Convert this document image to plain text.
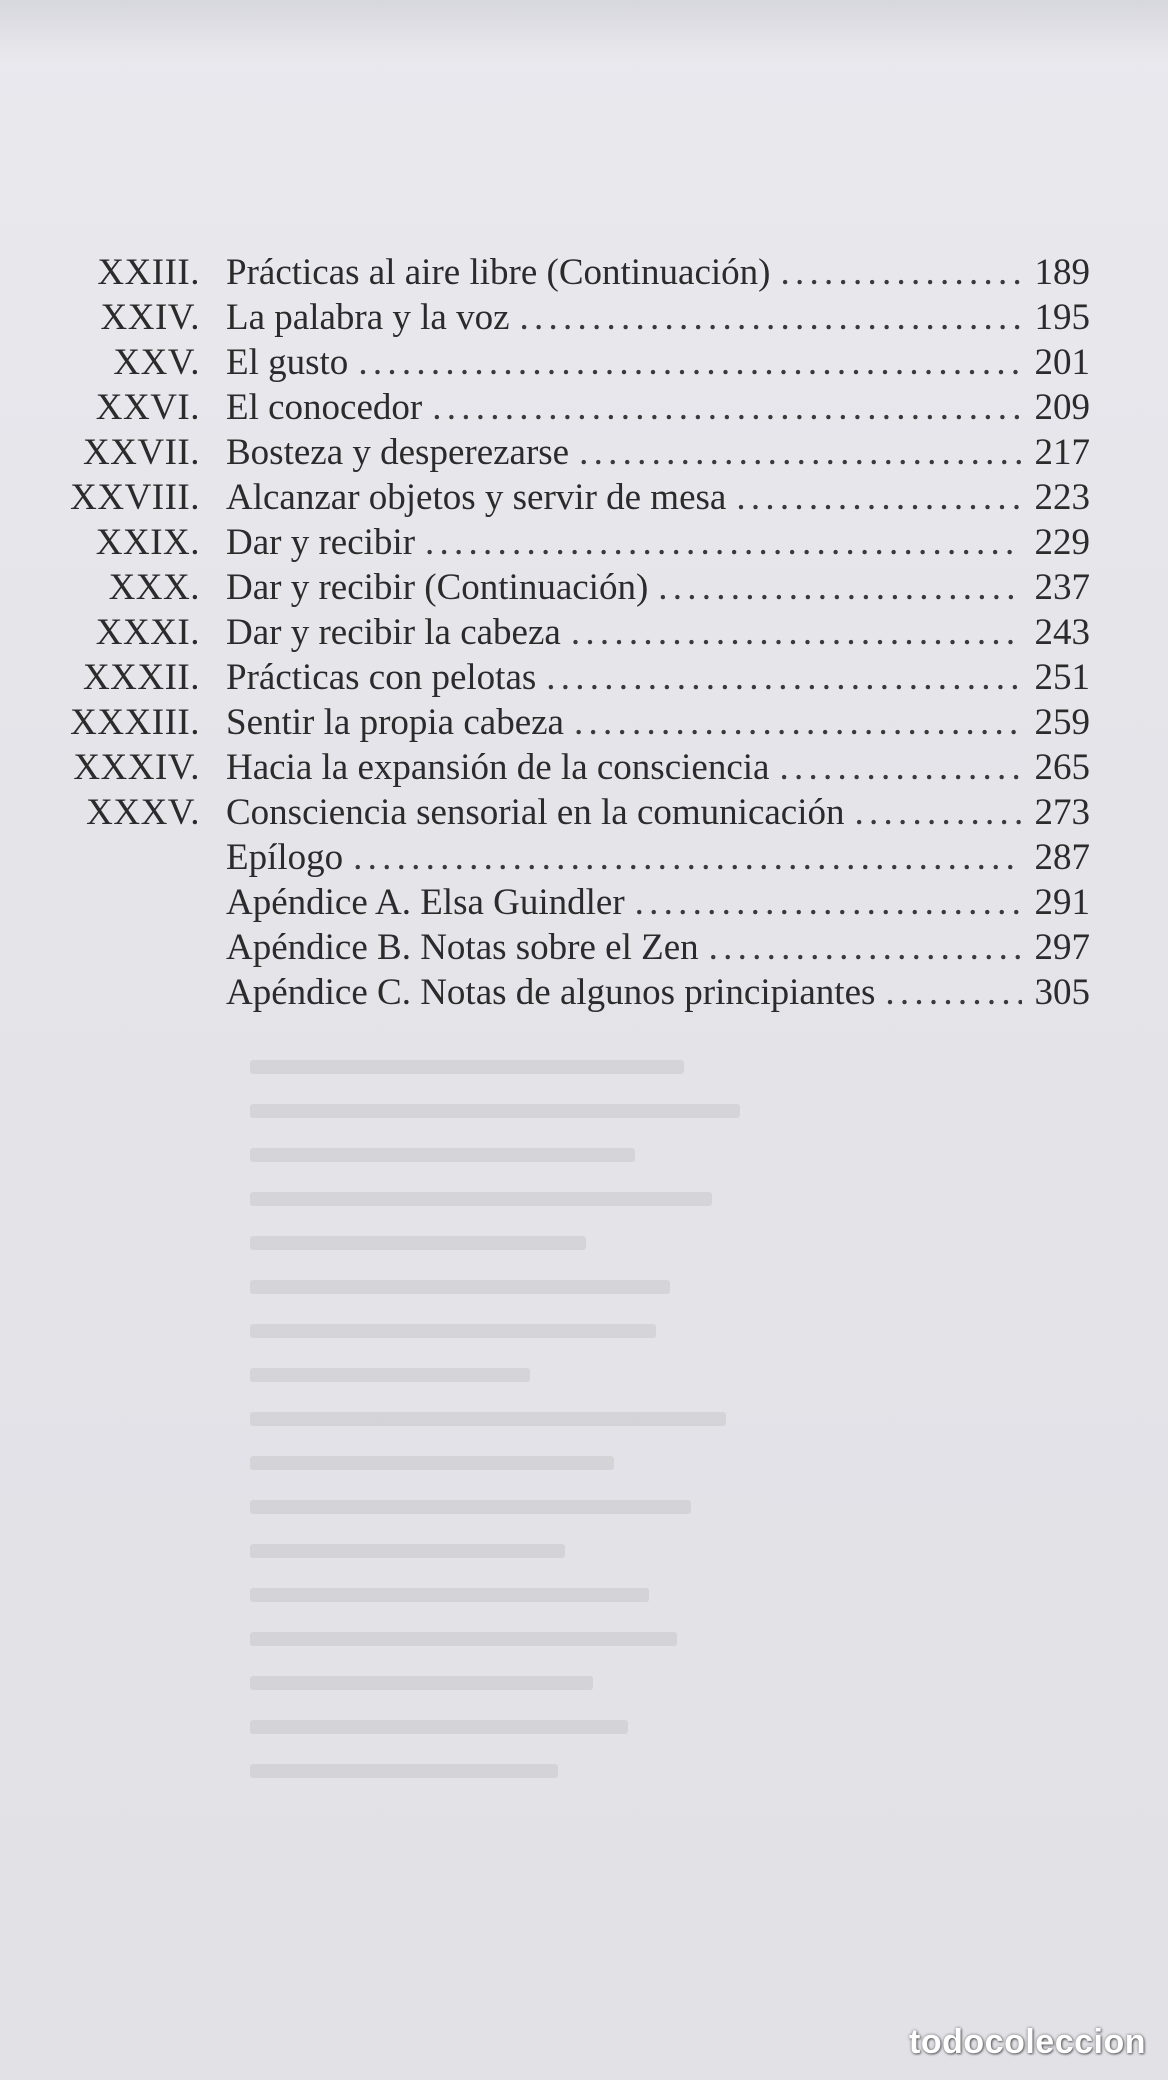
XXIII. Prácticas al aire libre (Continuación) . . .	189
XXIV. La palabra y la voz . . .	195
XXV. El gusto . . .	201
XXVI. El conocedor . . .	209
XXVII. Bosteza y desperezarse . . .	217
XXVIII. Alcanzar objetos y servir de mesa . . .	223
XXIX. Dar y recibir . . .	229
XXX. Dar y recibir (Continuación) . . .	237
XXXI. Dar y recibir la cabeza . . .	243
XXXII. Prácticas con pelotas . . .	251
XXXIII. Sentir la propia cabeza . . .	259
XXXIV. Hacia la expansión de la consciencia . . .	265
XXXV. Consciencia sensorial en la comunicación . . .	273
Epílogo . . .	287
Apéndice A. Elsa Guindler . . .	291
Apéndice B. Notas sobre el Zen . . .	297
Apéndice C. Notas de algunos principiantes . . .	305
todocoleccion
